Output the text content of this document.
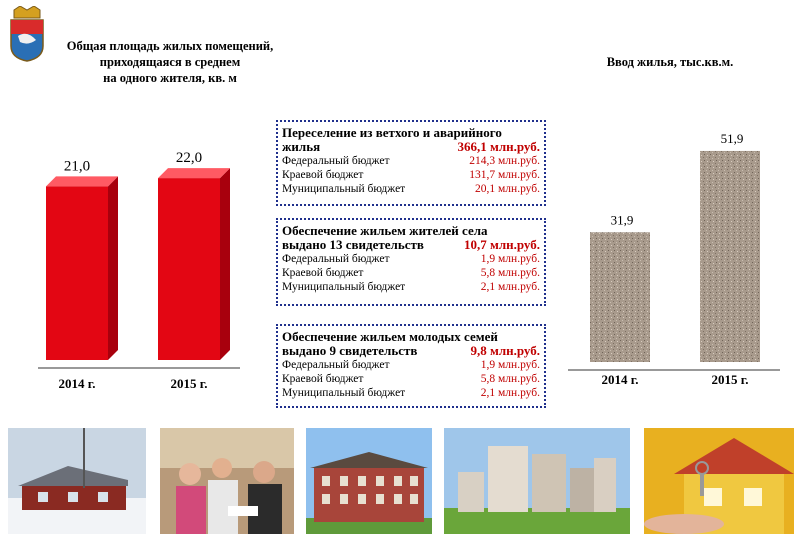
Общая площадь жилых помещений,
приходящаяся в среднем
на одного жителя, кв. м
Ввод жилья, тыс.кв.м.
21,0
2014 г.
22,0
2015 г.
31,9
2014 г.
51,9
2015 г.
Переселение из ветхого и аварийного
жилья	366,1 млн.руб.
Федеральный бюджет	214,3 млн.руб.
Краевой бюджет	131,7 млн.руб.
Муниципальный бюджет	20,1 млн.руб.
Обеспечение жильем жителей села
выдано 13 свидетельств	10,7 млн.руб.
Федеральный бюджет	1,9 млн.руб.
Краевой бюджет	5,8 млн.руб.
Муниципальный бюджет	2,1 млн.руб.
Обеспечение жильем молодых семей
выдано 9 свидетельств	9,8 млн.руб.
Федеральный бюджет	1,9 млн.руб.
Краевой бюджет	5,8 млн.руб.
Муниципальный бюджет	2,1 млн.руб.
